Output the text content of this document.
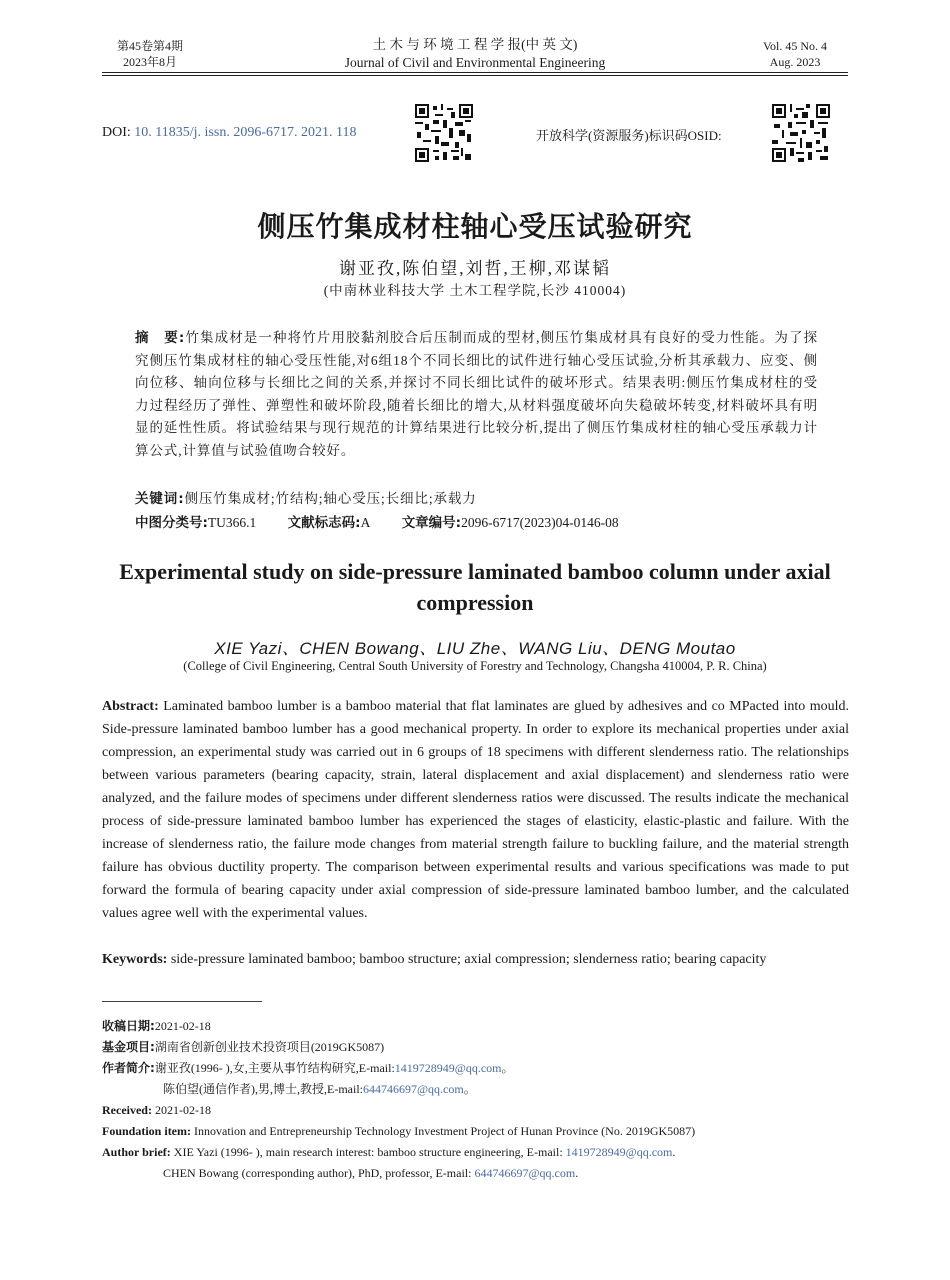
第45卷第4期
2023年8月
土 木 与 环 境 工 程 学 报(中 英 文)
Journal of Civil and Environmental Engineering
Vol. 45 No. 4
Aug. 2023
DOI: 10. 11835/j. issn. 2096-6717. 2021. 118	开放科学(资源服务)标识码OSID:
侧压竹集成材柱轴心受压试验研究
谢亚孜,陈伯望,刘哲,王柳,邓谋韬
(中南林业科技大学 土木工程学院,长沙 410004)
摘　要:竹集成材是一种将竹片用胶黏剂胶合后压制而成的型材,侧压竹集成材具有良好的受力性能。为了探究侧压竹集成材柱的轴心受压性能,对6组18个不同长细比的试件进行轴心受压试验,分析其承载力、应变、侧向位移、轴向位移与长细比之间的关系,并探讨不同长细比试件的破坏形式。结果表明:侧压竹集成材柱的受力过程经历了弹性、弹塑性和破坏阶段,随着长细比的增大,从材料强度破坏向失稳破坏转变,材料破坏具有明显的延性性质。将试验结果与现行规范的计算结果进行比较分析,提出了侧压竹集成材柱的轴心受压承载力计算公式,计算值与试验值吻合较好。
关键词:侧压竹集成材;竹结构;轴心受压;长细比;承载力
中图分类号:TU366.1 文献标志码:A 文章编号:2096-6717(2023)04-0146-08
Experimental study on side-pressure laminated bamboo column under axial compression
XIE Yazi、CHEN Bowang、LIU Zhe、WANG Liu、DENG Moutao
(College of Civil Engineering, Central South University of Forestry and Technology, Changsha 410004, P. R. China)
Abstract: Laminated bamboo lumber is a bamboo material that flat laminates are glued by adhesives and co MPacted into mould. Side-pressure laminated bamboo lumber has a good mechanical property. In order to explore its mechanical properties under axial compression, an experimental study was carried out in 6 groups of 18 specimens with different slenderness ratio. The relationships between various parameters (bearing capacity, strain, lateral displacement and axial displacement) and slenderness ratio were analyzed, and the failure modes of specimens under different slenderness ratios were discussed. The results indicate the mechanical process of side-pressure laminated bamboo lumber has experienced the stages of elasticity, elastic-plastic and failure. With the increase of slenderness ratio, the failure mode changes from material strength failure to buckling failure, and the material strength failure has obvious ductility property. The comparison between experimental results and various specifications was made to put forward the formula of bearing capacity under axial compression of side-pressure laminated bamboo lumber, and the calculated values agree well with the experimental values.
Keywords: side-pressure laminated bamboo; bamboo structure; axial compression; slenderness ratio; bearing capacity
收稿日期:2021-02-18
基金项目:湖南省创新创业技术投资项目(2019GK5087)
作者简介:谢亚孜(1996- ),女,主要从事竹结构研究,E-mail:1419728949@qq.com。
陈伯望(通信作者),男,博士,教授,E-mail:644746697@qq.com。
Received: 2021-02-18
Foundation item: Innovation and Entrepreneurship Technology Investment Project of Hunan Province (No. 2019GK5087)
Author brief: XIE Yazi (1996- ), main research interest: bamboo structure engineering, E-mail: 1419728949@qq.com.
CHEN Bowang (corresponding author), PhD, professor, E-mail: 644746697@qq.com.
